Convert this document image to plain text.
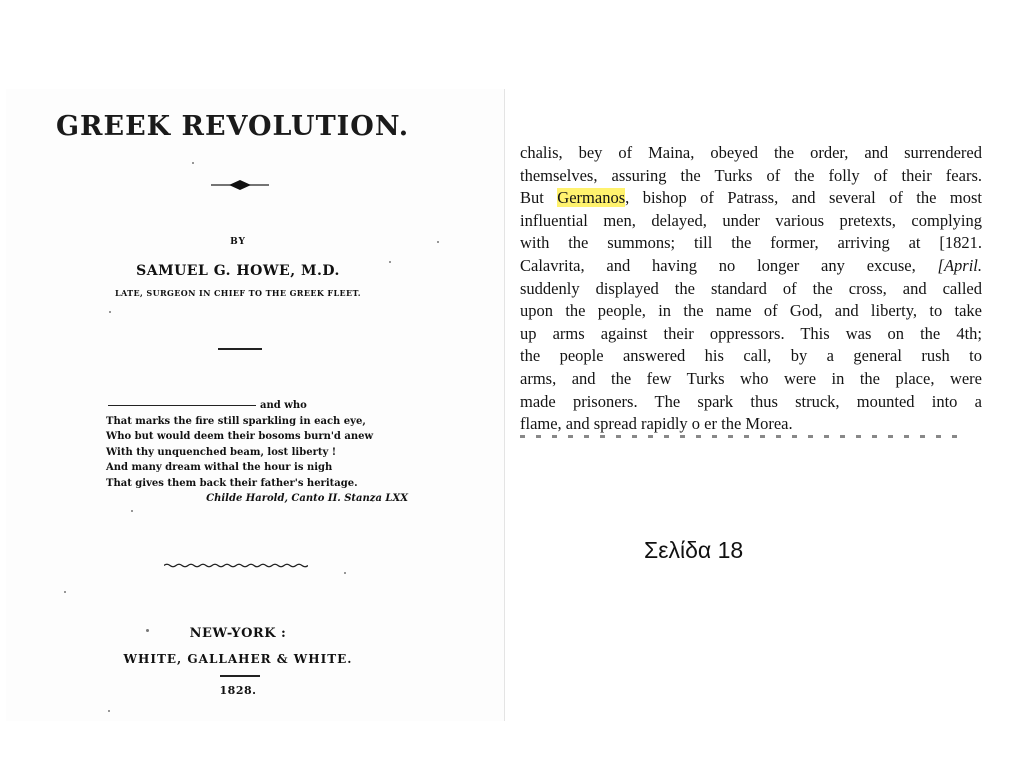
GREEK REVOLUTION.
BY
SAMUEL G. HOWE, M.D.
LATE, SURGEON IN CHIEF TO THE GREEK FLEET.
and who
That marks the fire still sparkling in each eye,
Who but would deem their bosoms burn'd anew
With thy unquenched beam, lost liberty !
And many dream withal the hour is nigh
That gives them back their father's heritage.
Childe Harold, Canto II. Stanza LXX
NEW-YORK :
WHITE, GALLAHER & WHITE.
1828.
chalis, bey of Maina, obeyed the order, and surrendered
themselves, assuring the Turks of the folly of their fears.
But Germanos, bishop of Patrass, and several of the most
influential men, delayed, under various pretexts, complying
with the summons; till the former, arriving at [1821.
Calavrita, and having no longer any excuse, [April.
suddenly displayed the standard of the cross, and called
upon the people, in the name of God, and liberty, to take
up arms against their oppressors. This was on the 4th;
the people answered his call, by a general rush to
arms, and the few Turks who were in the place, were
made prisoners. The spark thus struck, mounted into a
flame, and spread rapidly o er the Morea.
Σελίδα 18
